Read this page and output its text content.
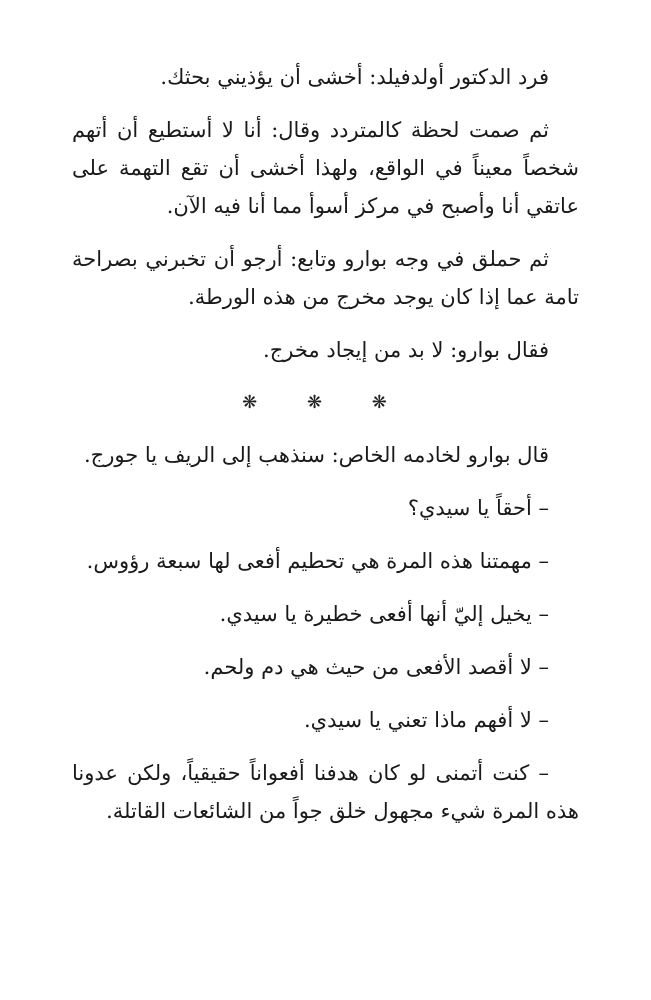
فرد الدكتور أولدفيلد: أخشى أن يؤذيني بحثك.

ثم صمت لحظة كالمتردد وقال: أنا لا أستطيع أن أتهم شخصاً معيناً في الواقع، ولهذا أخشى أن تقع التهمة على عاتقي أنا وأصبح في مركز أسوأ مما أنا فيه الآن.

ثم حملق في وجه بوارو وتابع: أرجو أن تخبرني بصراحة تامة عما إذا كان يوجد مخرج من هذه الورطة.

فقال بوارو: لا بد من إيجاد مخرج.

❋ ❋ ❋

قال بوارو لخادمه الخاص: سنذهب إلى الريف يا جورج.

– أحقاً يا سيدي؟

– مهمتنا هذه المرة هي تحطيم أفعى لها سبعة رؤوس.

– يخيل إليّ أنها أفعى خطيرة يا سيدي.

– لا أقصد الأفعى من حيث هي دم ولحم.

– لا أفهم ماذا تعني يا سيدي.

– كنت أتمنى لو كان هدفنا أفعواناً حقيقياً، ولكن عدونا هذه المرة شيء مجهول خلق جواً من الشائعات القاتلة.
